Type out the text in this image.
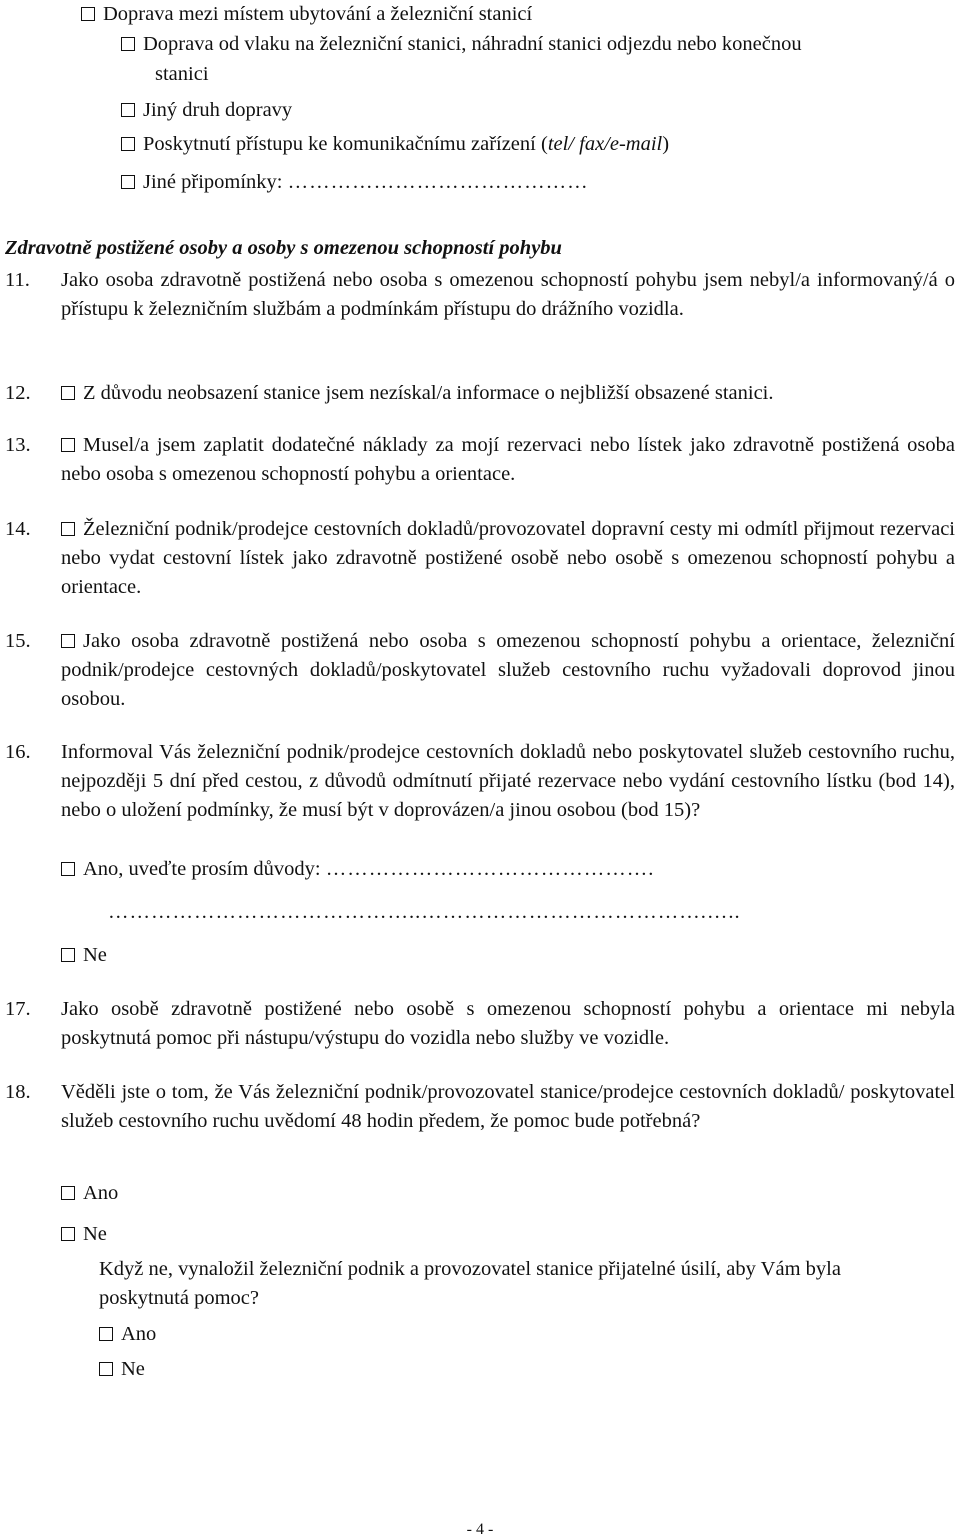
Doprava mezi místem ubytování a železniční stanicí
Doprava od vlaku na železniční stanici, náhradní stanici odjezdu nebo konečnou
stanici
Jiný druh dopravy
Poskytnutí přístupu ke komunikačnímu zařízení (tel/ fax/e-mail)
Jiné připomínky: ……………………………………
Zdravotně postižené osoby a osoby s omezenou schopností pohybu
11. Jako osoba zdravotně postižená nebo osoba s omezenou schopností pohybu jsem nebyl/a informovaný/á o přístupu k železničním službám a podmínkám přístupu do drážního vozidla.
12.	Z důvodu neobsazení stanice jsem nezískal/a informace o nejbližší obsazené stanici.
13.	Musel/a jsem zaplatit dodatečné náklady za mojí rezervaci nebo lístek jako zdravotně postižená osoba nebo osoba s omezenou schopností pohybu a orientace.
14.	Železniční podnik/prodejce cestovních dokladů/provozovatel dopravní cesty mi odmítl přijmout rezervaci nebo vydat cestovní lístek jako zdravotně postižené osobě nebo osobě s omezenou schopností pohybu a orientace.
15.	Jako osoba zdravotně postižená nebo osoba s omezenou schopností pohybu a orientace, železniční podnik/prodejce cestovných dokladů/poskytovatel služeb cestovního ruchu vyžadovali doprovod jinou osobou.
16. Informoval Vás železniční podnik/prodejce cestovních dokladů nebo poskytovatel služeb cestovního ruchu, nejpozději 5 dní před cestou, z důvodů odmítnutí přijaté rezervace nebo vydání cestovního lístku (bod 14), nebo o uložení podmínky, že musí být v doprovázen/a jinou osobou (bod 15)?
Ano, uveďte prosím důvody: ……………………………………….
……………………………………..………………………………….…..
Ne
17. Jako osobě zdravotně postižené nebo osobě s omezenou schopností pohybu a orientace mi nebyla poskytnutá pomoc při nástupu/výstupu do vozidla nebo služby ve vozidle.
18. Věděli jste o tom, že Vás železniční podnik/provozovatel stanice/prodejce cestovních dokladů/ poskytovatel služeb cestovního ruchu uvědomí 48 hodin předem, že pomoc bude potřebná?
Ano
Ne
Když ne, vynaložil železniční podnik a provozovatel stanice přijatelné úsilí, aby Vám byla poskytnutá pomoc?
Ano
Ne
- 4 -
